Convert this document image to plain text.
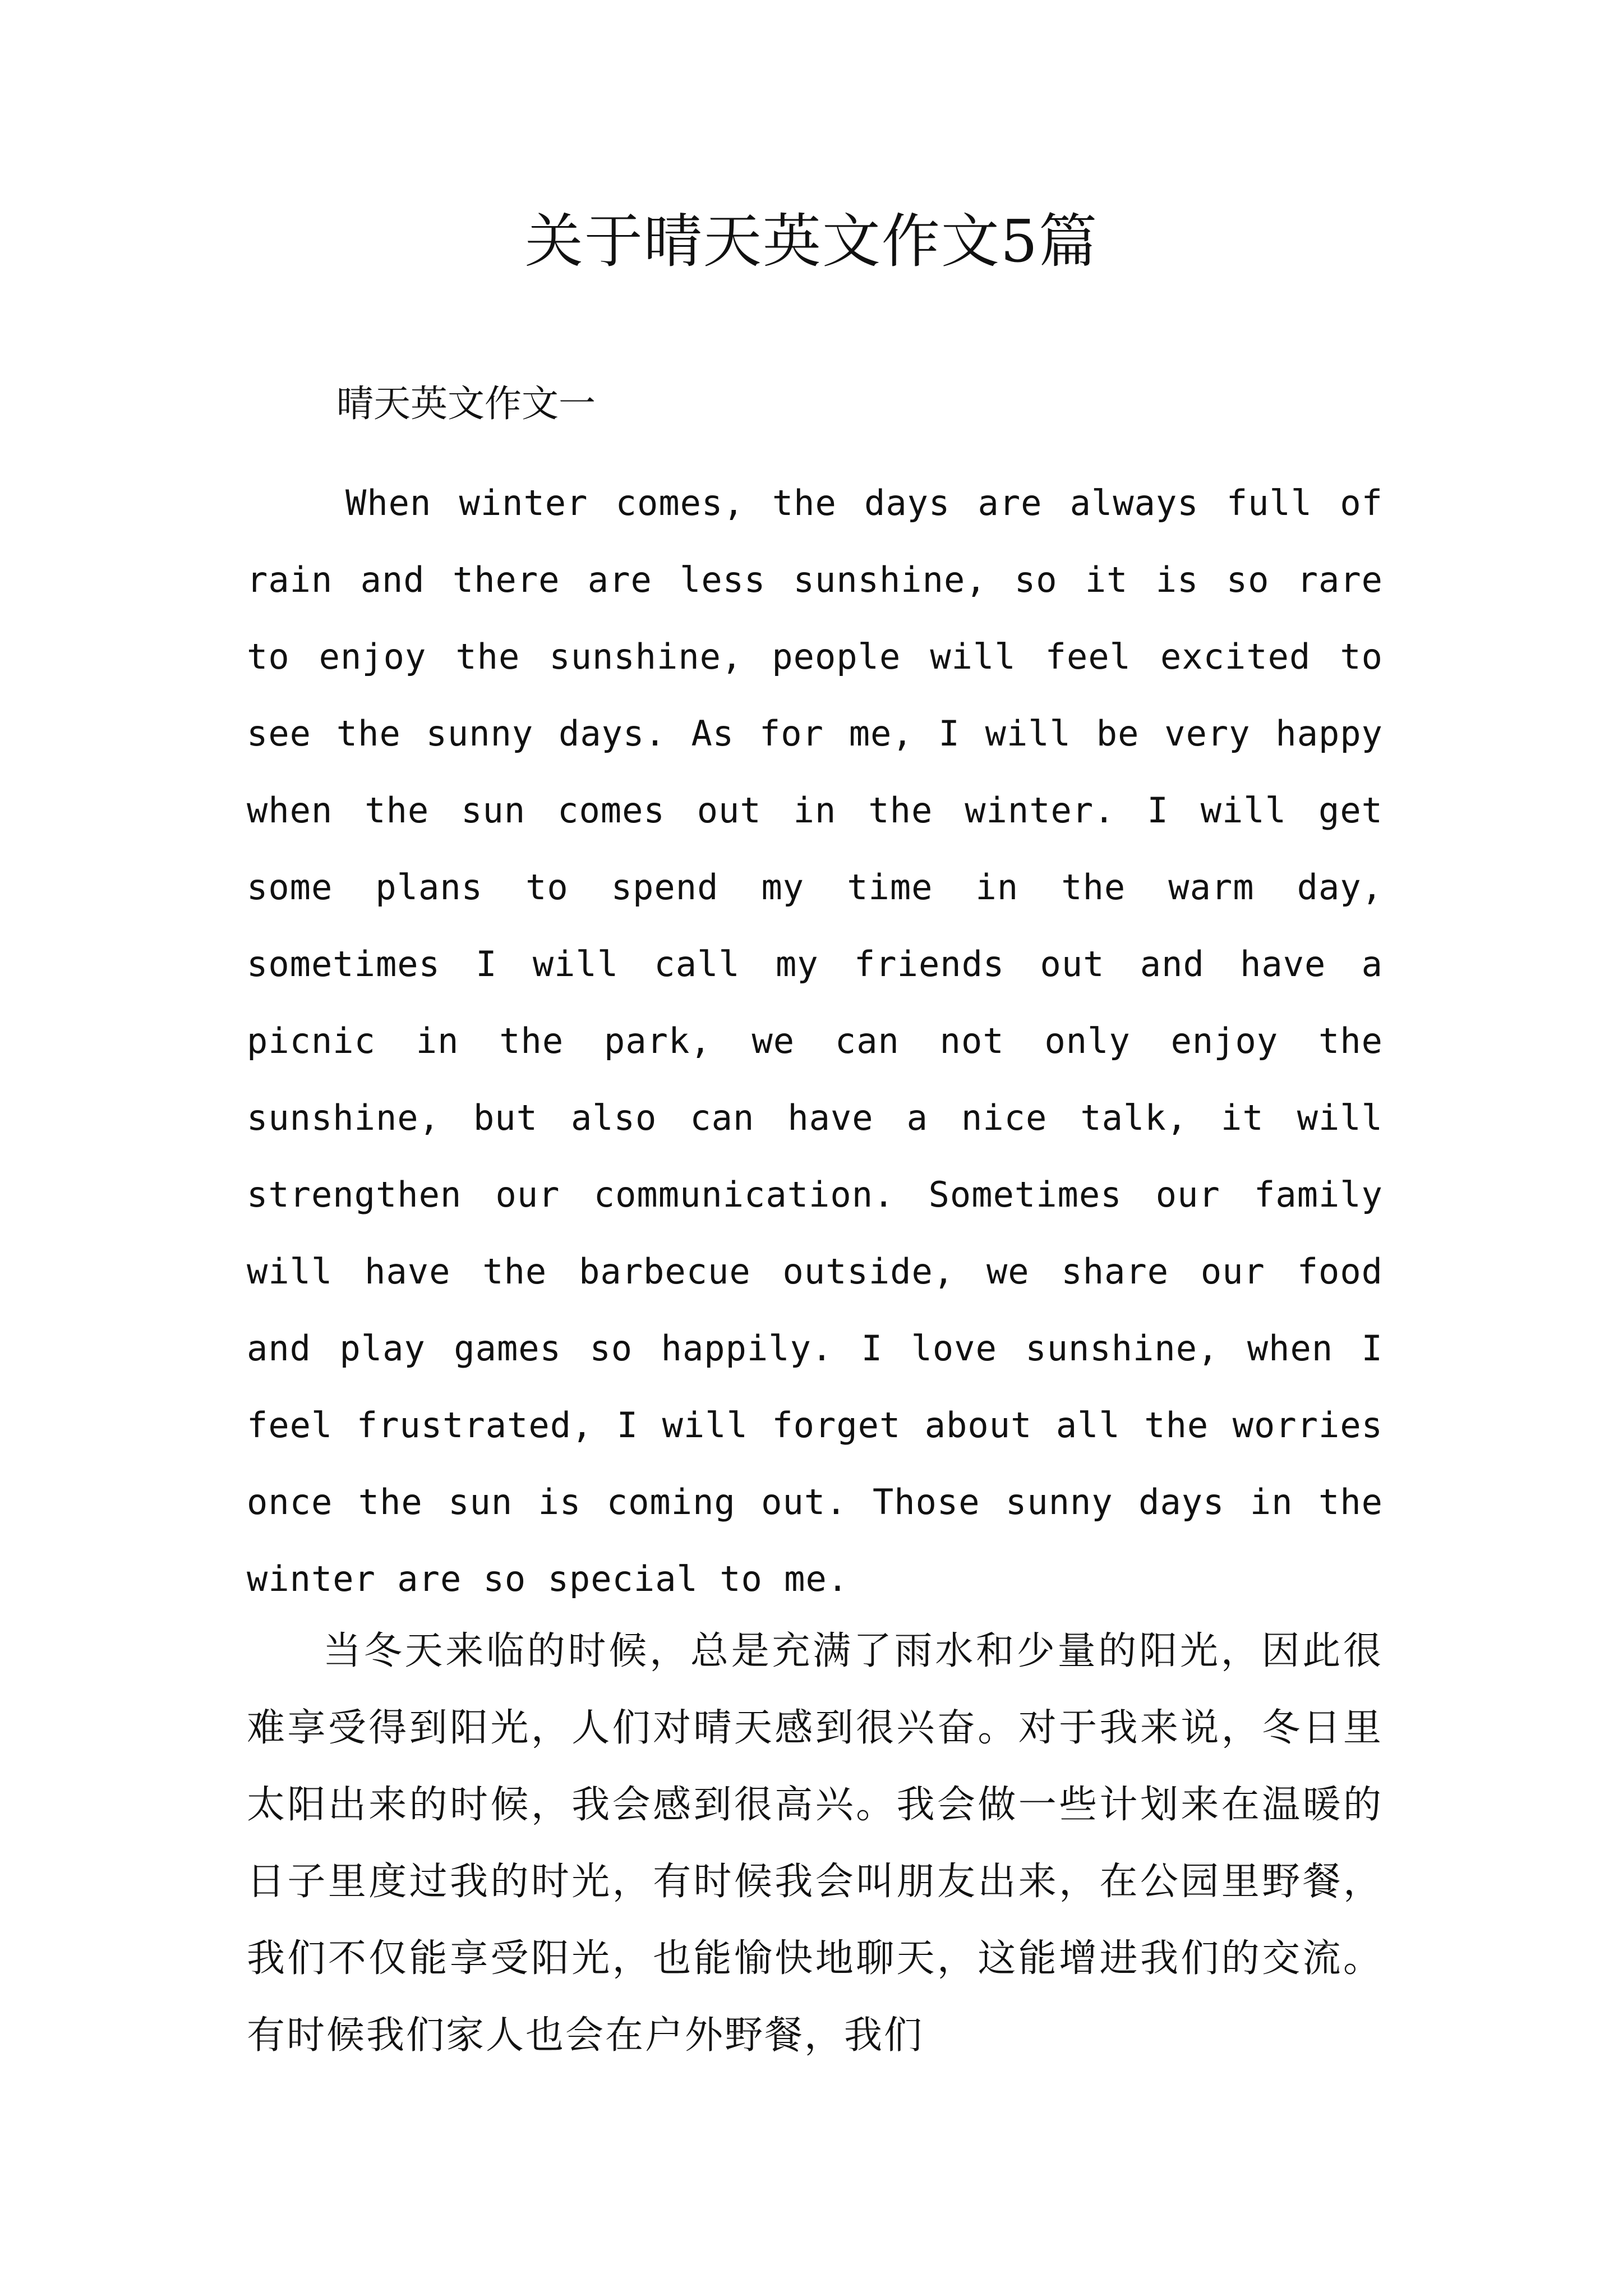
关于晴天英文作文5篇

晴天英文作文一

When winter comes, the days are always full of rain and there are less sunshine, so it is so rare to enjoy the sunshine, people will feel excited to see the sunny days. As for me, I will be very happy when the sun comes out in the winter. I will get some plans to spend my time in the warm day, sometimes I will call my friends out and have a picnic in the park, we can not only enjoy the sunshine, but also can have a nice talk, it will strengthen our communication. Sometimes our family will have the barbecue outside, we share our food and play games so happily. I love sunshine, when I feel frustrated, I will forget about all the worries once the sun is coming out. Those sunny days in the winter are so special to me.

当冬天来临的时候，总是充满了雨水和少量的阳光，因此很难享受得到阳光，人们对晴天感到很兴奋。对于我来说，冬日里太阳出来的时候，我会感到很高兴。我会做一些计划来在温暖的日子里度过我的时光，有时候我会叫朋友出来，在公园里野餐，我们不仅能享受阳光，也能愉快地聊天，这能增进我们的交流。有时候我们家人也会在户外野餐，我们
